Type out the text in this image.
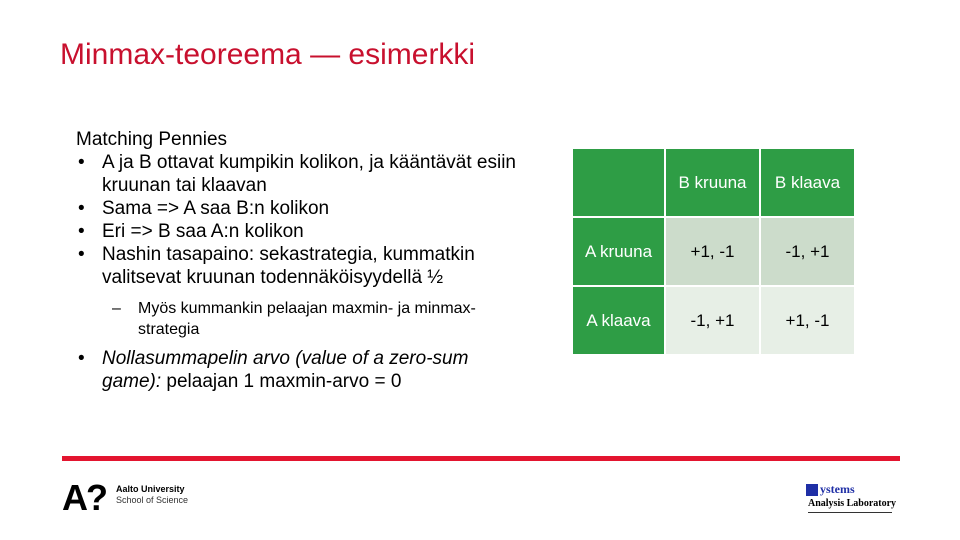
Minmax-teoreema — esimerkki

Matching Pennies

• A ja B ottavat kumpikin kolikon, ja kääntävät esiin kruunan tai klaavan
• Sama => A saa B:n kolikon
• Eri => B saa A:n kolikon
• Nashin tasapaino: sekastrategia, kummatkin valitsevat kruunan todennäköisyydellä ½
– Myös kummankin pelaajan maxmin- ja minmax-strategia
• Nollasummapelin arvo (value of a zero-sum game): pelaajan 1 maxmin-arvo = 0
	B kruuna	B klaava
A kruuna	+1, -1	-1, +1
A klaava	-1, +1	+1, -1
A? Aalto University
School of Science
ystems
Analysis Laboratory
